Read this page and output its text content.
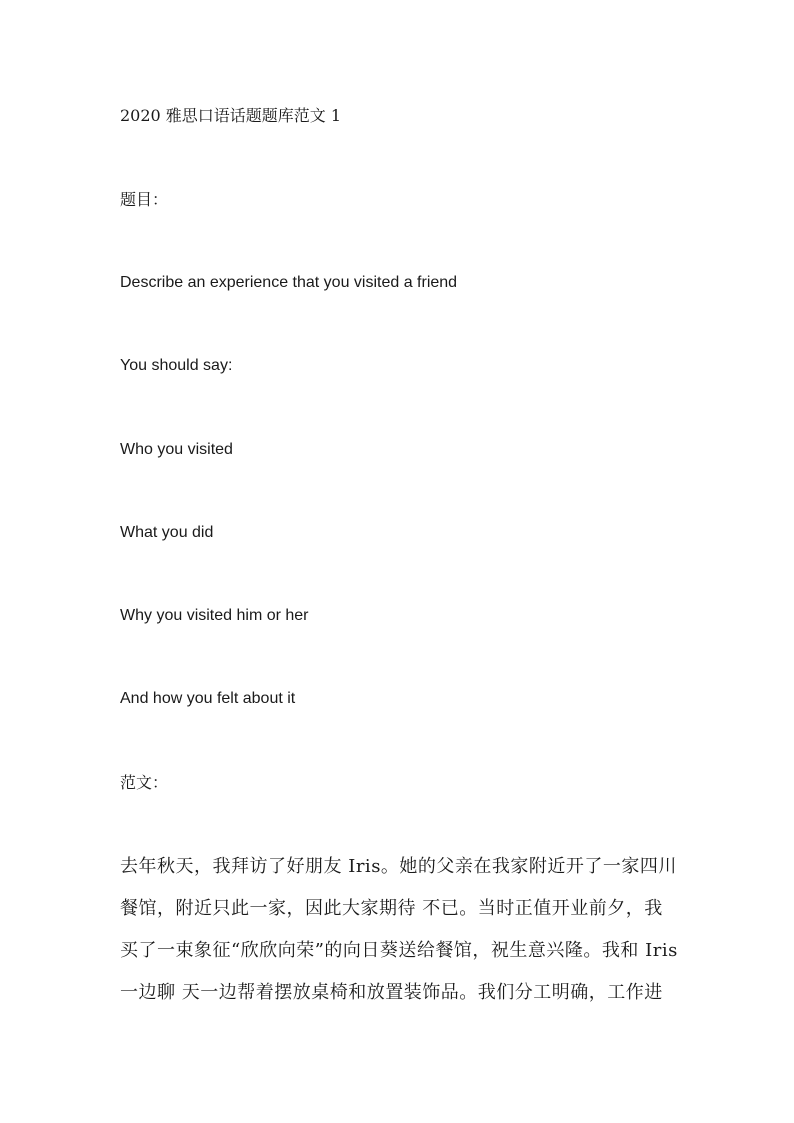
2020 雅思口语话题题库范文 1
题目：
Describe an experience that you visited a friend
You should say:
Who you visited
What you did
Why you visited him or her
And how you felt about it
范文：
去年秋天，我拜访了好朋友 Iris。她的父亲在我家附近开了一家四川
餐馆，附近只此一家，因此大家期待 不已。当时正值开业前夕，我
买了一束象征“欣欣向荣”的向日葵送给餐馆，祝生意兴隆。我和 Iris
一边聊 天一边帮着摆放桌椅和放置装饰品。我们分工明确，工作进
